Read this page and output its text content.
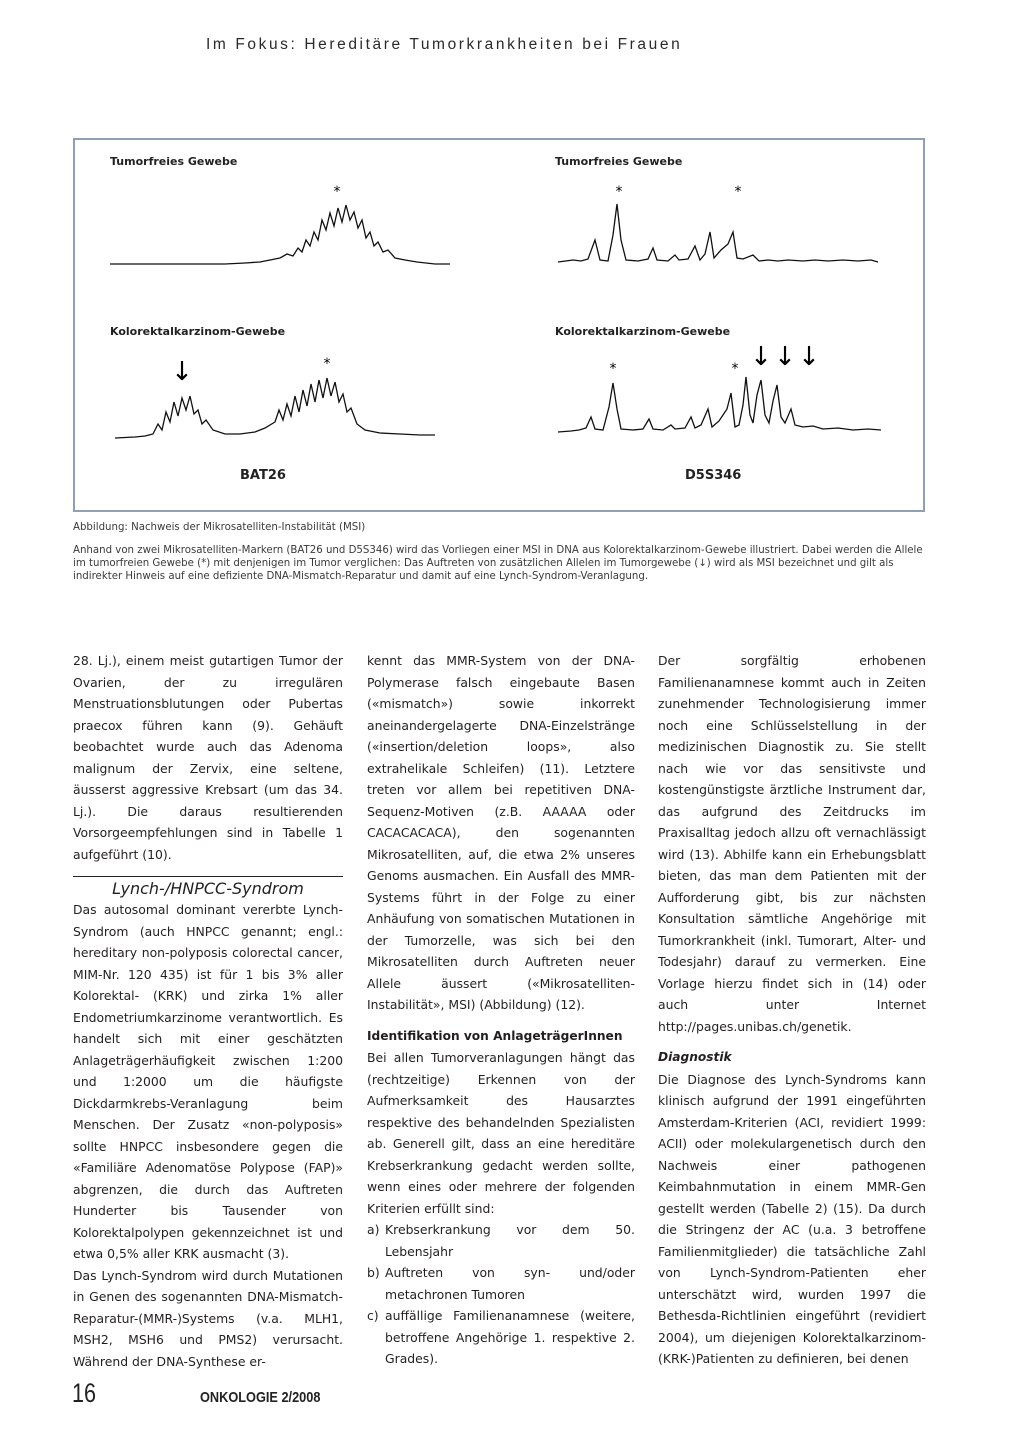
Im Fokus: Hereditäre Tumorkrankheiten bei Frauen
Tumorfreies Gewebe	Tumorfreies Gewebe
Kolorektalkarzinom-Gewebe	Kolorektalkarzinom-Gewebe
*	*	*
*
↓	*	* ↓ ↓ ↓
BAT26	D5S346
Abbildung: Nachweis der Mikrosatelliten-Instabilität (MSI)
Anhand von zwei Mikrosatelliten-Markern (BAT26 und D5S346) wird das Vorliegen einer MSI in DNA aus Kolorektalkarzinom-Gewebe illustriert. Dabei werden die Allele im tumorfreien Gewebe (*) mit denjenigen im Tumor verglichen: Das Auftreten von zusätzlichen Allelen im Tumorgewebe (↓) wird als MSI bezeichnet und gilt als indirekter Hinweis auf eine defiziente DNA-Mismatch-Reparatur und damit auf eine Lynch-Syndrom-Veranlagung.

28. Lj.), einem meist gutartigen Tumor der Ovarien, der zu irregulären Menstruationsblutungen oder Pubertas praecox führen kann (9). Gehäuft beobachtet wurde auch das Adenoma malignum der Zervix, eine seltene, äusserst aggressive Krebsart (um das 34. Lj.). Die daraus resultierenden Vorsorgeempfehlungen sind in Tabelle 1 aufgeführt (10).

Lynch-/HNPCC-Syndrom

Das autosomal dominant vererbte Lynch-Syndrom (auch HNPCC genannt; engl.: hereditary non-polyposis colorectal cancer, MIM-Nr. 120 435) ist für 1 bis 3% aller Kolorektal- (KRK) und zirka 1% aller Endometriumkarzinome verantwortlich. Es handelt sich mit einer geschätzten Anlageträgerhäufigkeit zwischen 1:200 und 1:2000 um die häufigste Dickdarmkrebs-Veranlagung beim Menschen. Der Zusatz «non-polyposis» sollte HNPCC insbesondere gegen die «Familiäre Adenomatöse Polypose (FAP)» abgrenzen, die durch das Auftreten Hunderter bis Tausender von Kolorektalpolypen gekennzeichnet ist und etwa 0,5% aller KRK ausmacht (3).

Das Lynch-Syndrom wird durch Mutationen in Genen des sogenannten DNA-Mismatch-Reparatur-(MMR-)Systems (v.a. MLH1, MSH2, MSH6 und PMS2) verursacht. Während der DNA-Synthese er-

kennt das MMR-System von der DNA-Polymerase falsch eingebaute Basen («mismatch») sowie inkorrekt aneinandergelagerte DNA-Einzelstränge («insertion/deletion loops», also extrahelikale Schleifen) (11). Letztere treten vor allem bei repetitiven DNA-Sequenz-Motiven (z.B. AAAAA oder CACACACACA), den sogenannten Mikrosatelliten, auf, die etwa 2% unseres Genoms ausmachen. Ein Ausfall des MMR-Systems führt in der Folge zu einer Anhäufung von somatischen Mutationen in der Tumorzelle, was sich bei den Mikrosatelliten durch Auftreten neuer Allele äussert («Mikrosatelliten-Instabilität», MSI) (Abbildung) (12).

Identifikation von AnlageträgerInnen

Bei allen Tumorveranlagungen hängt das (rechtzeitige) Erkennen von der Aufmerksamkeit des Hausarztes respektive des behandelnden Spezialisten ab. Generell gilt, dass an eine hereditäre Krebserkrankung gedacht werden sollte, wenn eines oder mehrere der folgenden Kriterien erfüllt sind:

a) Krebserkrankung vor dem 50. Lebensjahr
b) Auftreten von syn- und/oder metachronen Tumoren
c) auffällige Familienanamnese (weitere, betroffene Angehörige 1. respektive 2. Grades).

Der sorgfältig erhobenen Familienanamnese kommt auch in Zeiten zunehmender Technologisierung immer noch eine Schlüsselstellung in der medizinischen Diagnostik zu. Sie stellt nach wie vor das sensitivste und kostengünstigste ärztliche Instrument dar, das aufgrund des Zeitdrucks im Praxisalltag jedoch allzu oft vernachlässigt wird (13). Abhilfe kann ein Erhebungsblatt bieten, das man dem Patienten mit der Aufforderung gibt, bis zur nächsten Konsultation sämtliche Angehörige mit Tumorkrankheit (inkl. Tumorart, Alter- und Todesjahr) darauf zu vermerken. Eine Vorlage hierzu findet sich in (14) oder auch unter Internet http://pages.unibas.ch/genetik.

Diagnostik

Die Diagnose des Lynch-Syndroms kann klinisch aufgrund der 1991 eingeführten Amsterdam-Kriterien (ACI, revidiert 1999: ACII) oder molekulargenetisch durch den Nachweis einer pathogenen Keimbahnmutation in einem MMR-Gen gestellt werden (Tabelle 2) (15). Da durch die Stringenz der AC (u.a. 3 betroffene Familienmitglieder) die tatsächliche Zahl von Lynch-Syndrom-Patienten eher unterschätzt wird, wurden 1997 die Bethesda-Richtlinien eingeführt (revidiert 2004), um diejenigen Kolorektalkarzinom-(KRK-)Patienten zu definieren, bei denen

16	ONKOLOGIE 2/2008
